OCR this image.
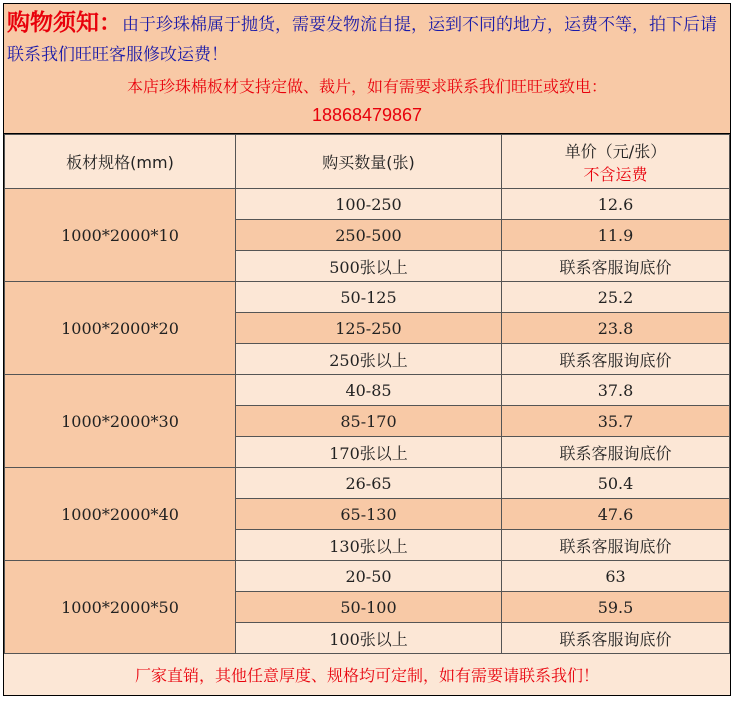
购物须知：由于珍珠棉属于抛货，需要发物流自提，运到不同的地方，运费不等，拍下后请联系我们旺旺客服修改运费！
本店珍珠棉板材支持定做、裁片，如有需要求联系我们旺旺或致电：
18868479867
板材规格(mm)	购买数量(张)	单价（元/张）
不含运费

1000*2000*10	100-250	12.6
	250-500	11.9
	500张以上	联系客服询底价
1000*2000*20	50-125	25.2
	125-250	23.8
	250张以上	联系客服询底价
1000*2000*30	40-85	37.8
	85-170	35.7
	170张以上	联系客服询底价
1000*2000*40	26-65	50.4
	65-130	47.6
	130张以上	联系客服询底价
1000*2000*50	20-50	63
	50-100	59.5
	100张以上	联系客服询底价
厂家直销，其他任意厚度、规格均可定制，如有需要请联系我们！
